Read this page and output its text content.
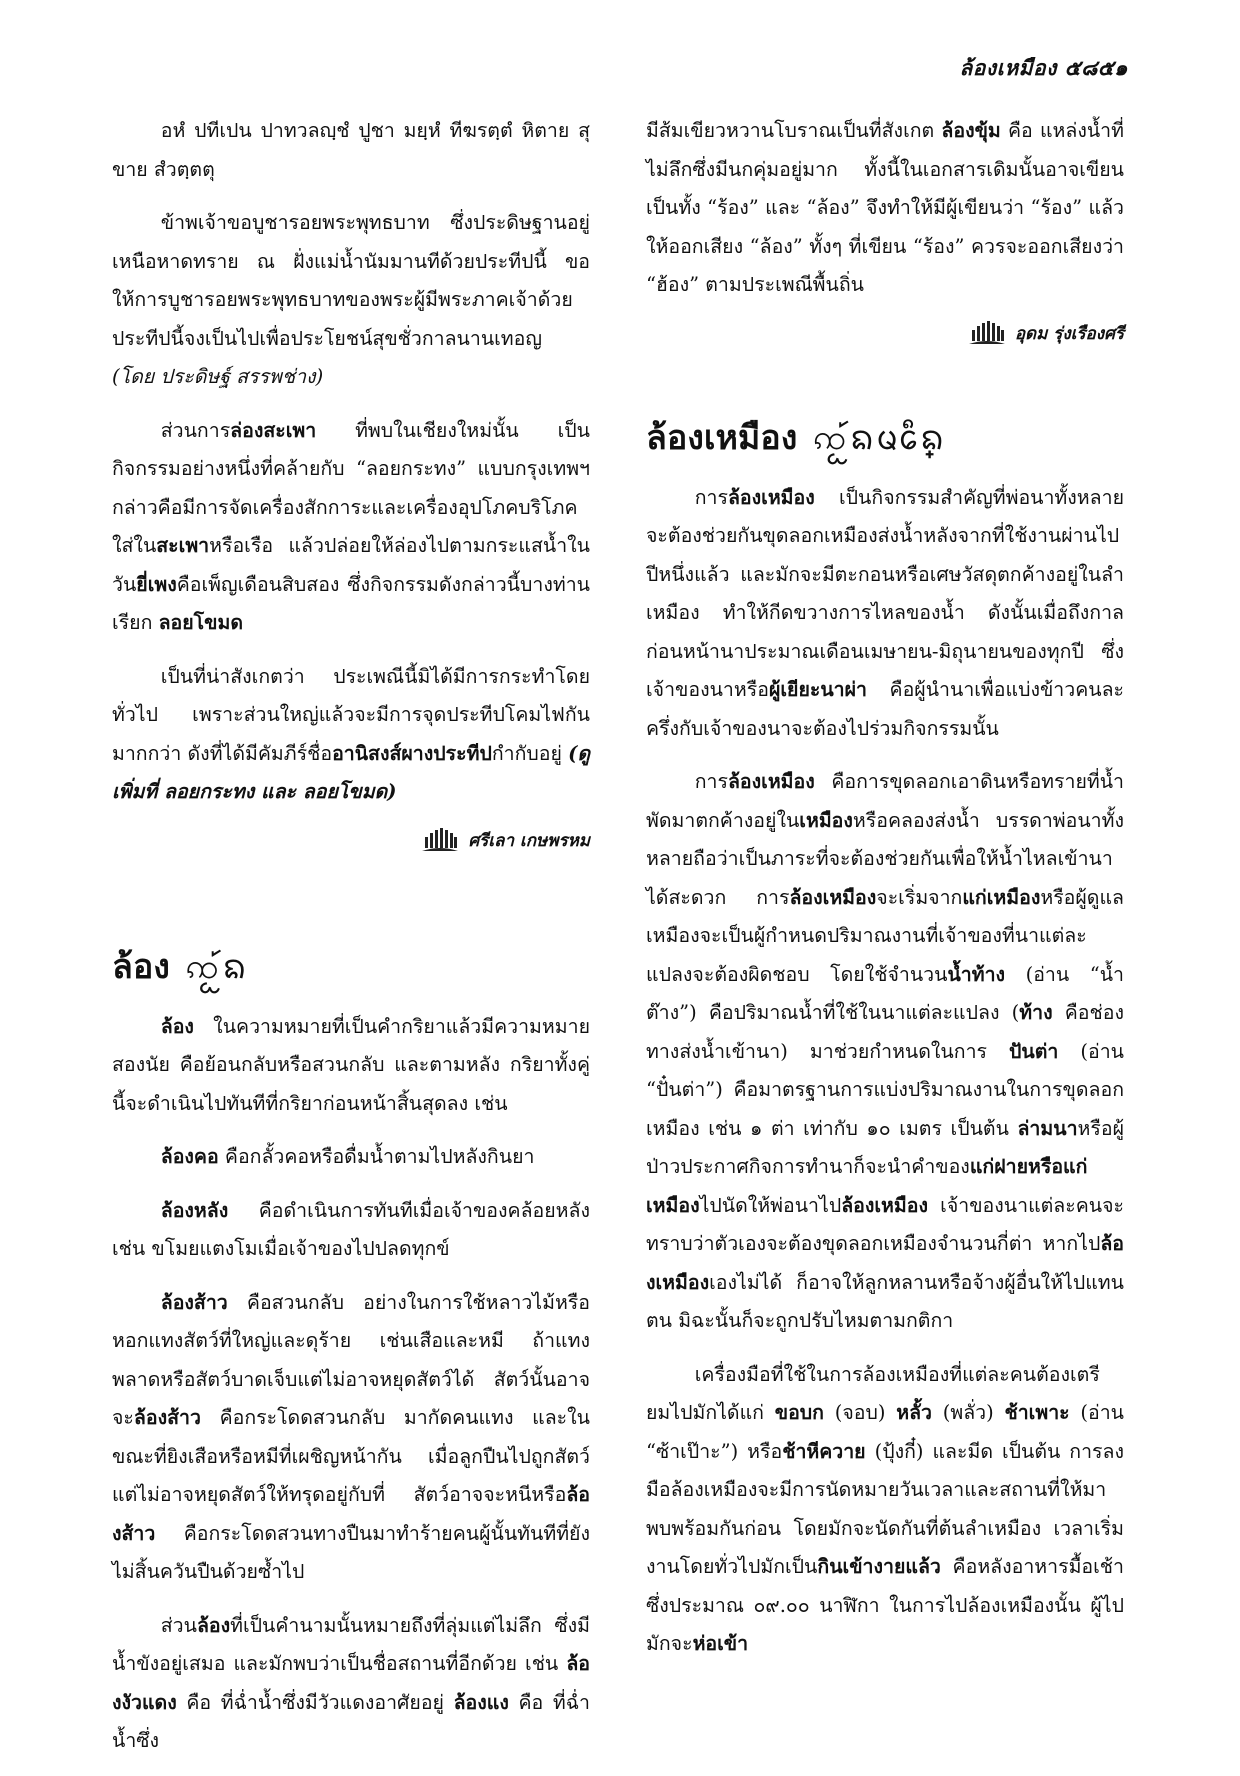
ล้องเหมือง ๕๘๕๑

อหํ ปทีเปน ปาทวลญฺชํ ปูชา มยฺหํ ทีฆรตฺตํ หิตาย สุขาย สํวตฺตตุ

ข้าพเจ้าขอบูชารอยพระพุทธบาท ซึ่งประดิษฐานอยู่เหนือหาดทราย ณ ฝั่งแม่น้ำนัมมานทีด้วยประทีปนี้ ขอให้การบูชารอยพระพุทธบาทของพระผู้มีพระภาคเจ้าด้วยประทีปนี้จงเป็นไปเพื่อประโยชน์สุขชั่วกาลนานเทอญ (โดย ประดิษฐ์ สรรพช่าง)

ส่วนการล่องสะเพา ที่พบในเชียงใหม่นั้น เป็นกิจกรรมอย่างหนึ่งที่คล้ายกับ “ลอยกระทง” แบบกรุงเทพฯ กล่าวคือมีการจัดเครื่องสักการะและเครื่องอุปโภคบริโภคใส่ในสะเพาหรือเรือ แล้วปล่อยให้ล่องไปตามกระแสน้ำในวันยี่เพงคือเพ็ญเดือนสิบสอง ซึ่งกิจกรรมดังกล่าวนี้บางท่านเรียก ลอยโขมด

เป็นที่น่าสังเกตว่า ประเพณีนี้มิได้มีการกระทำโดยทั่วไป เพราะส่วนใหญ่แล้วจะมีการจุดประทีปโคมไฟกันมากกว่า ดังที่ได้มีคัมภีร์ชื่ออานิสงส์ผางประทีปกำกับอยู่ (ดูเพิ่มที่ ลอยกระทง และ ลอยโขมด)

ศรีเลา เกษพรหม
ล้อง ꩡ᩶ᩬᨦ

ล้อง ในความหมายที่เป็นคำกริยาแล้วมีความหมายสองนัย คือย้อนกลับหรือสวนกลับ และตามหลัง กริยาทั้งคู่นี้จะดำเนินไปทันทีที่กริยาก่อนหน้าสิ้นสุดลง เช่น

ล้องคอ คือกลั้วคอหรือดื่มน้ำตามไปหลังกินยา

ล้องหลัง คือดำเนินการทันทีเมื่อเจ้าของคล้อยหลัง เช่น ขโมยแตงโมเมื่อเจ้าของไปปลดทุกข์

ล้องส้าว คือสวนกลับ อย่างในการใช้หลาวไม้หรือหอกแทงสัตว์ที่ใหญ่และดุร้าย เช่นเสือและหมี ถ้าแทงพลาดหรือสัตว์บาดเจ็บแต่ไม่อาจหยุดสัตว์ได้ สัตว์นั้นอาจจะล้องส้าว คือกระโดดสวนกลับ มากัดคนแทง และในขณะที่ยิงเสือหรือหมีที่เผชิญหน้ากัน เมื่อลูกปืนไปถูกสัตว์แต่ไม่อาจหยุดสัตว์ให้ทรุดอยู่กับที่ สัตว์อาจจะหนีหรือล้องส้าว คือกระโดดสวนทางปืนมาทำร้ายคนผู้นั้นทันทีที่ยังไม่สิ้นควันปืนด้วยซ้ำไป

ส่วนล้องที่เป็นคำนามนั้นหมายถึงที่ลุ่มแต่ไม่ลึก ซึ่งมีน้ำขังอยู่เสมอ และมักพบว่าเป็นชื่อสถานที่อีกด้วย เช่น ล้องงัวแดง คือ ที่ฉ่ำน้ำซึ่งมีวัวแดงอาศัยอยู่ ล้องแง คือ ที่ฉ่ำน้ำซึ่ง

มีส้มเขียวหวานโบราณเป็นที่สังเกต ล้องขุ้ม คือ แหล่งน้ำที่ไม่ลึกซึ่งมีนกคุ่มอยู่มาก ทั้งนี้ในเอกสารเดิมนั้นอาจเขียนเป็นทั้ง “ร้อง” และ “ล้อง” จึงทำให้มีผู้เขียนว่า “ร้อง” แล้วให้ออกเสียง “ล้อง” ทั้งๆ ที่เขียน “ร้อง” ควรจะออกเสียงว่า “ฮ้อง” ตามประเพณีพื้นถิ่น

อุดม รุ่งเรืองศรี
ล้องเหมือง ꩡ᩶ᩬᨦᨾᩮᩥ᩠ᨦ

การล้องเหมือง เป็นกิจกรรมสำคัญที่พ่อนาทั้งหลายจะต้องช่วยกันขุดลอกเหมืองส่งน้ำหลังจากที่ใช้งานผ่านไปปีหนึ่งแล้ว และมักจะมีตะกอนหรือเศษวัสดุตกค้างอยู่ในลำเหมือง ทำให้กีดขวางการไหลของน้ำ ดังนั้นเมื่อถึงกาลก่อนหน้านาประมาณเดือนเมษายน-มิถุนายนของทุกปี ซึ่งเจ้าของนาหรือผู้เยียะนาผ่า คือผู้นำนาเพื่อแบ่งข้าวคนละครึ่งกับเจ้าของนาจะต้องไปร่วมกิจกรรมนั้น

การล้องเหมือง คือการขุดลอกเอาดินหรือทรายที่น้ำพัดมาตกค้างอยู่ในเหมืองหรือคลองส่งน้ำ บรรดาพ่อนาทั้งหลายถือว่าเป็นภาระที่จะต้องช่วยกันเพื่อให้น้ำไหลเข้านาได้สะดวก การล้องเหมืองจะเริ่มจากแก่เหมืองหรือผู้ดูแลเหมืองจะเป็นผู้กำหนดปริมาณงานที่เจ้าของที่นาแต่ละแปลงจะต้องผิดชอบ โดยใช้จำนวนน้ำท้าง (อ่าน “น้ำต๊าง”) คือปริมาณน้ำที่ใช้ในนาแต่ละแปลง (ท้าง คือช่องทางส่งน้ำเข้านา) มาช่วยกำหนดในการ ปันต่า (อ่าน “ปั๋นต่า”) คือมาตรฐานการแบ่งปริมาณงานในการขุดลอกเหมือง เช่น ๑ ต่า เท่ากับ ๑๐ เมตร เป็นต้น ล่ามนาหรือผู้ป่าวประกาศกิจการทำนาก็จะนำคำของแก่ฝายหรือแก่เหมืองไปนัดให้พ่อนาไปล้องเหมือง เจ้าของนาแต่ละคนจะทราบว่าตัวเองจะต้องขุดลอกเหมืองจำนวนกี่ต่า หากไปล้องเหมืองเองไม่ได้ ก็อาจให้ลูกหลานหรือจ้างผู้อื่นให้ไปแทนตน มิฉะนั้นก็จะถูกปรับไหมตามกติกา

เครื่องมือที่ใช้ในการล้องเหมืองที่แต่ละคนต้องเตรียมไปมักได้แก่ ขอบก (จอบ) หลั้ว (พลั่ว) ช้าเพาะ (อ่าน “ซ้าเป๊าะ”) หรือช้าหีควาย (ปุ้งกี๋) และมีด เป็นต้น การลงมือล้องเหมืองจะมีการนัดหมายวันเวลาและสถานที่ให้มาพบพร้อมกันก่อน โดยมักจะนัดกันที่ต้นลำเหมือง เวลาเริ่มงานโดยทั่วไปมักเป็นกินเข้างายแล้ว คือหลังอาหารมื้อเช้า ซึ่งประมาณ ๐๙.๐๐ นาฬิกา ในการไปล้องเหมืองนั้น ผู้ไปมักจะห่อเข้า
